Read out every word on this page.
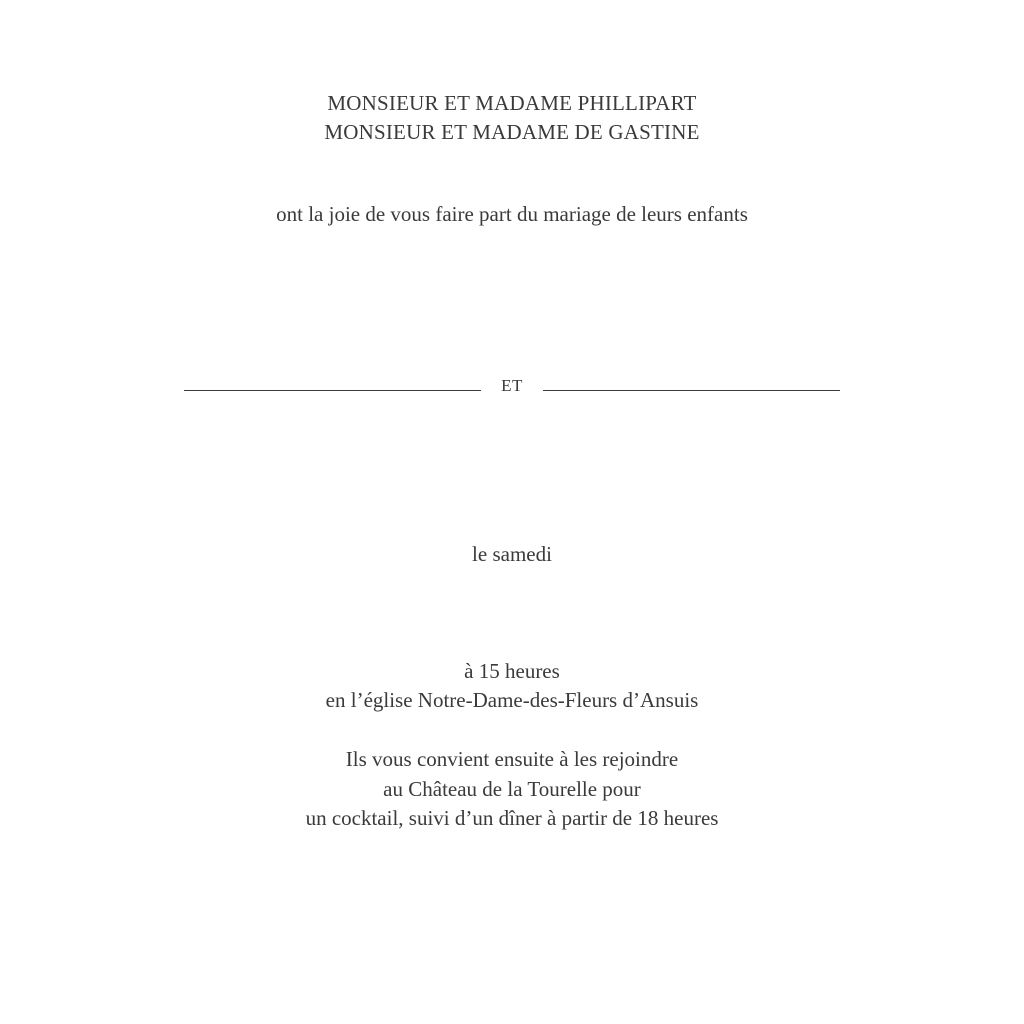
MONSIEUR ET MADAME PHILLIPART
MONSIEUR ET MADAME DE GASTINE
ont la joie de vous faire part du mariage de leurs enfants
ET
le samedi
à 15 heures
en l’église Notre-Dame-des-Fleurs d’Ansuis
Ils vous convient ensuite à les rejoindre
au Château de la Tourelle pour
un cocktail, suivi d’un dîner à partir de 18 heures
